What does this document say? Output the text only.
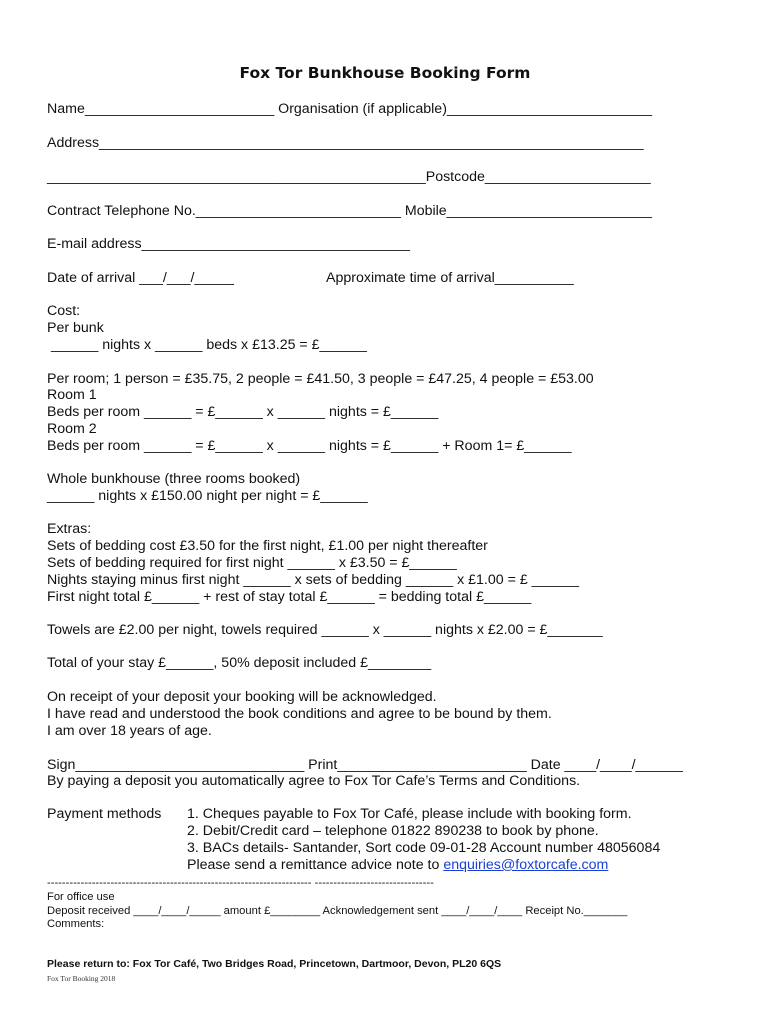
Fox Tor Bunkhouse Booking Form
Name________________________ Organisation (if applicable)__________________________
Address_____________________________________________________________________
________________________________________________Postcode_____________________
Contract Telephone No.__________________________ Mobile__________________________
E-mail address__________________________________
Date of arrival ___/___/_____	Approximate time of arrival__________
Cost:
Per bunk
______ nights x ______ beds x £13.25 = £______
Per room; 1 person = £35.75, 2 people = £41.50, 3 people = £47.25, 4 people = £53.00
Room 1
Beds per room ______ = £______ x ______ nights = £______
Room 2
Beds per room ______ = £______ x ______ nights = £______ + Room 1= £______
Whole bunkhouse (three rooms booked)
______ nights x £150.00 night per night = £______
Extras:
Sets of bedding cost £3.50 for the first night, £1.00 per night thereafter
Sets of bedding required for first night ______ x £3.50 = £______
Nights staying minus first night ______ x sets of bedding ______ x £1.00 = £ ______
First night total £______ + rest of stay total £______ = bedding total £______
Towels are £2.00 per night, towels required ______ x ______ nights x £2.00 = £_______
Total of your stay £______, 50% deposit included £________
On receipt of your deposit your booking will be acknowledged.
I have read and understood the book conditions and agree to be bound by them.
I am over 18 years of age.
Sign_____________________________ Print________________________ Date ____/____/______
By paying a deposit you automatically agree to Fox Tor Cafe’s Terms and Conditions.
Payment methods 1. Cheques payable to Fox Tor Café, please include with booking form.
2. Debit/Credit card – telephone 01822 890238 to book by phone.
3. BACs details- Santander, Sort code 09-01-28 Account number 48056084
Please send a remittance advice note to enquiries@foxtorcafe.com
----------------------------------------------------------------------- --------------------------------
For office use
Deposit received ____/____/_____ amount £________ Acknowledgement sent ____/____/____ Receipt No._______
Comments:
Please return to: Fox Tor Café, Two Bridges Road, Princetown, Dartmoor, Devon, PL20 6QS
Fox Tor Booking 2018
